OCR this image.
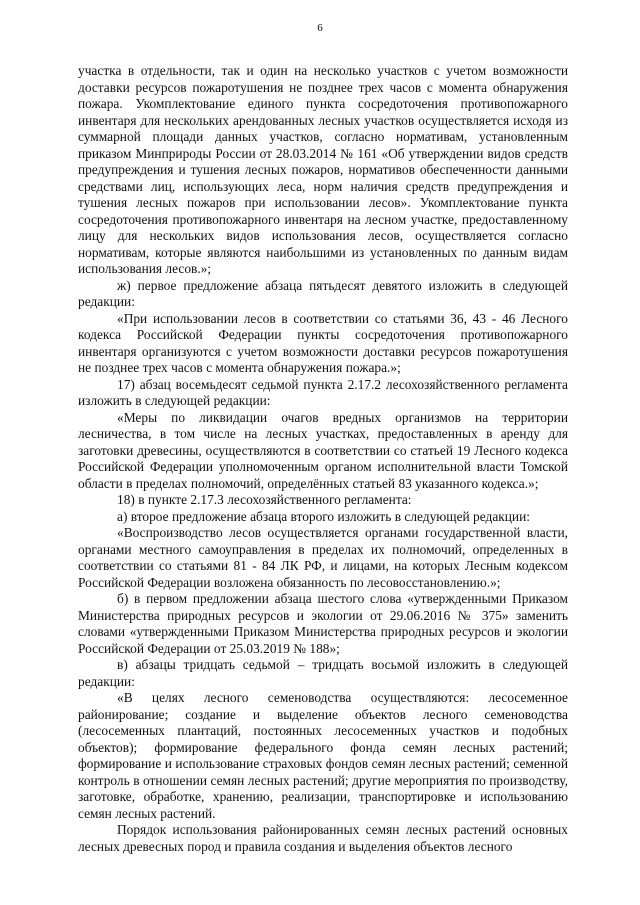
6

участка в отдельности, так и один на несколько участков с учетом возможности доставки ресурсов пожаротушения не позднее трех часов с момента обнаружения пожара. Укомплектование единого пункта сосредоточения противопожарного инвентаря для нескольких арендованных лесных участков осуществляется исходя из суммарной площади данных участков, согласно нормативам, установленным приказом Минприроды России от 28.03.2014 № 161 «Об утверждении видов средств предупреждения и тушения лесных пожаров, нормативов обеспеченности данными средствами лиц, использующих леса, норм наличия средств предупреждения и тушения лесных пожаров при использовании лесов». Укомплектование пункта сосредоточения противопожарного инвентаря на лесном участке, предоставленному лицу для нескольких видов использования лесов, осуществляется согласно нормативам, которые являются наибольшими из установленных по данным видам использования лесов.»;

ж) первое предложение абзаца пятьдесят девятого изложить в следующей редакции:

«При использовании лесов в соответствии со статьями 36, 43 - 46 Лесного кодекса Российской Федерации пункты сосредоточения противопожарного инвентаря организуются с учетом возможности доставки ресурсов пожаротушения не позднее трех часов с момента обнаружения пожара.»;

17) абзац восемьдесят седьмой пункта 2.17.2 лесохозяйственного регламента изложить в следующей редакции:

«Меры по ликвидации очагов вредных организмов на территории лесничества, в том числе на лесных участках, предоставленных в аренду для заготовки древесины, осуществляются в соответствии со статьей 19 Лесного кодекса Российской Федерации уполномоченным органом исполнительной власти Томской области в пределах полномочий, определённых статьей 83 указанного кодекса.»;

18) в пункте 2.17.3 лесохозяйственного регламента:

а) второе предложение абзаца второго изложить в следующей редакции:

«Воспроизводство лесов осуществляется органами государственной власти, органами местного самоуправления в пределах их полномочий, определенных в соответствии со статьями 81 - 84 ЛК РФ, и лицами, на которых Лесным кодексом Российской Федерации возложена обязанность по лесовосстановлению.»;

б) в первом предложении абзаца шестого слова «утвержденными Приказом Министерства природных ресурсов и экологии от 29.06.2016 № 375» заменить словами «утвержденными Приказом Министерства природных ресурсов и экологии Российской Федерации от 25.03.2019 № 188»;

в) абзацы тридцать седьмой – тридцать восьмой изложить в следующей редакции:

«В целях лесного семеноводства осуществляются: лесосеменное районирование; создание и выделение объектов лесного семеноводства (лесосеменных плантаций, постоянных лесосеменных участков и подобных объектов); формирование федерального фонда семян лесных растений; формирование и использование страховых фондов семян лесных растений; семенной контроль в отношении семян лесных растений; другие мероприятия по производству, заготовке, обработке, хранению, реализации, транспортировке и использованию семян лесных растений.

Порядок использования районированных семян лесных растений основных лесных древесных пород и правила создания и выделения объектов лесного
